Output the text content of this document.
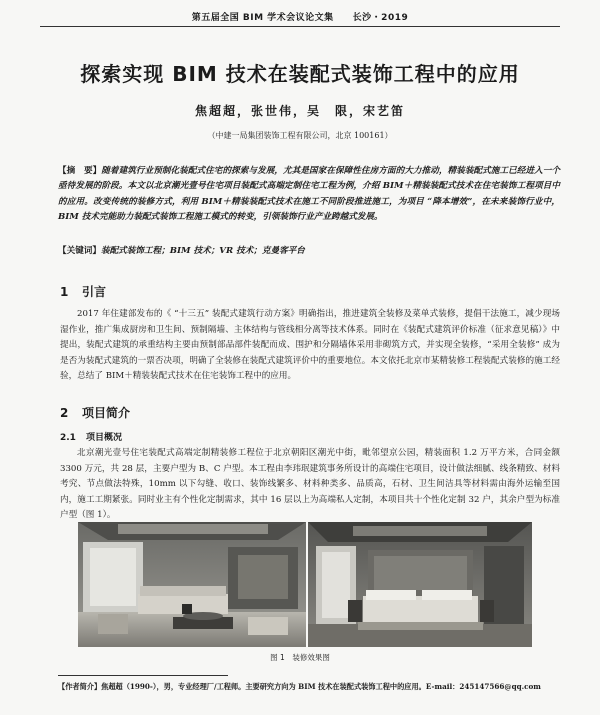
第五届全国 BIM 学术会议论文集　　长沙・2019
探索实现 BIM 技术在装配式装饰工程中的应用
焦超超，张世伟，吴　限，宋艺笛
（中建一局集团装饰工程有限公司，北京 100161）
【摘　要】随着建筑行业预制化装配式住宅的探索与发展，尤其是国家在保障性住房方面的大力推动，精装装配式施工已经进入一个亟待发展的阶段。本文以北京潮光壹号住宅项目装配式高端定制住宅工程为例，介绍 BIM＋精装装配式技术在住宅装饰工程项目中的应用。改变传统的装修方式，利用 BIM＋精装装配式技术在施工不同阶段推进施工，为项目 “降本增效”，在未来装饰行业中，BIM 技术完能助力装配式装饰工程施工模式的转变，引领装饰行业产业跨越式发展。
【关键词】装配式装饰工程；BIM 技术；VR 技术；克曼客平台
1 引言
2017 年住建部发布的《 “十三五” 装配式建筑行动方案》明确指出，推进建筑全装修及菜单式装修，提倡干法施工，减少现场湿作业，推广集成厨房和卫生间、预制隔墙、主体结构与管线相分离等技术体系。同时在《装配式建筑评价标准（征求意见稿）》中提出，装配式建筑的承重结构主要由预制部品部件装配而成、围护和分隔墙体采用非砌筑方式，并实现全装修，“采用全装修” 成为是否为装配式建筑的一票否决项，明确了全装修在装配式建筑评价中的重要地位。本文依托北京市某精装修工程装配式装修的施工经验，总结了 BIM＋精装装配式技术在住宅装饰工程中的应用。
2 项目简介
2.1 项目概况
北京潮光壹号住宅装配式高端定制精装修工程位于北京朝阳区潮光中街，毗邻望京公园，精装面积 1.2 万平方米，合同金额 3300 万元，共 28 层，主要户型为 B、C 户型。本工程由李玮珉建筑事务所设计的高端住宅项目，设计做法细腻、线条精致、材料考究、节点做法特殊，10mm 以下勾缝、收口、装饰线繁多、材料种类多、品质高，石材、卫生间洁具等材料需由海外运输至国内，施工工期紧张。同时业主有个性化定制需求，其中 16 层以上为高端私人定制，本项目共十个性化定制 32 户，其余户型为标准户型（图 1）。
图 1　装修效果图
【作者简介】焦超超（1990-），男，专业经理厂/工程师。主要研究方向为 BIM 技术在装配式装饰工程中的应用。E-mail：245147566@qq.com
